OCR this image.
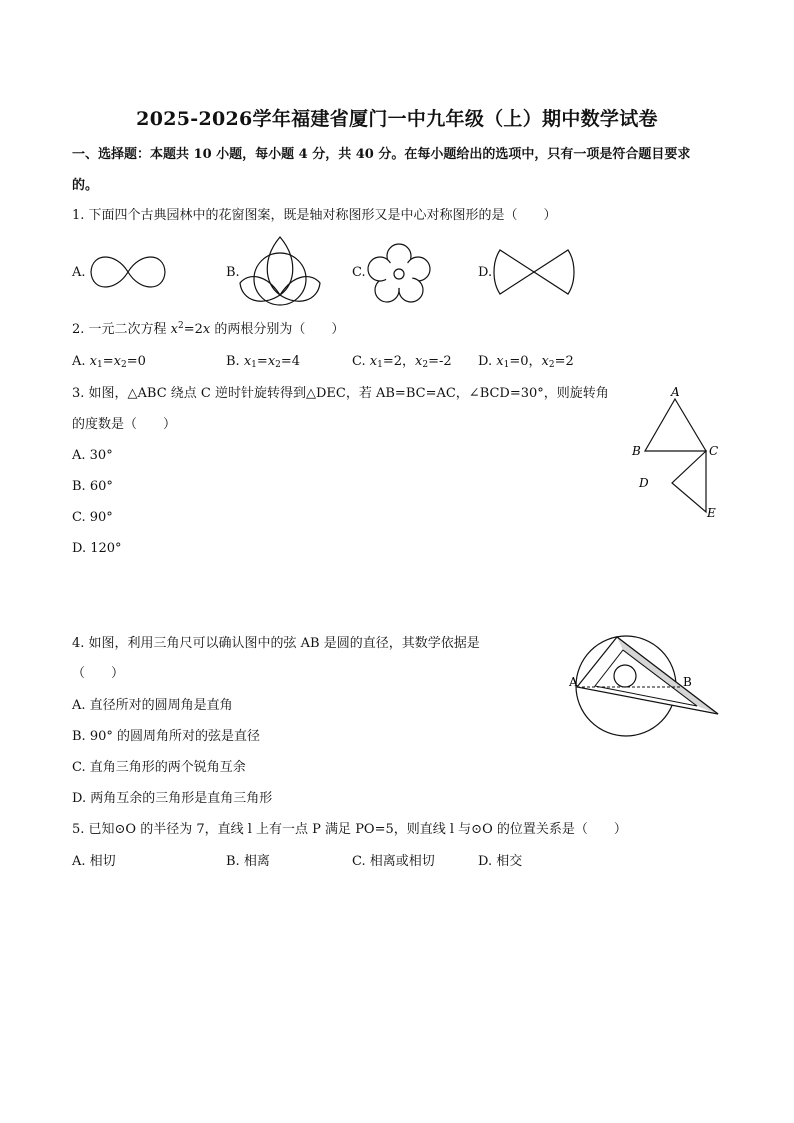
2025-2026学年福建省厦门一中九年级（上）期中数学试卷
一、选择题：本题共 10 小题，每小题 4 分，共 40 分。在每小题给出的选项中，只有一项是符合题目要求
的。
1. 下面四个古典园林中的花窗图案，既是轴对称图形又是中心对称图形的是（　　）
A.	B.	C.	D.
2. 一元二次方程 $x^2=2x$ 的两根分别为（　　）
A. $x_1=x_2=0$	B. $x_1=x_2=4$	C. $x_1=2$，$x_2=-2$ D. $x_1=0$，$x_2=2$
3. 如图，△ABC 绕点 C 逆时针旋转得到△DEC，若 AB=BC=AC，∠BCD=30°，则旋转角
的度数是（　　）
A. 30°
B. 60°
C. 90°
D. 120°
A
B	C
D
E
4. 如图，利用三角尺可以确认图中的弦 AB 是圆的直径，其数学依据是
（　　）
A. 直径所对的圆周角是直角
B. 90° 的圆周角所对的弦是直径
C. 直角三角形的两个锐角互余
D. 两角互余的三角形是直角三角形
A	B
5. 已知⊙O 的半径为 7，直线 l 上有一点 P 满足 PO=5，则直线 l 与⊙O 的位置关系是（　　）
A. 相切	B. 相离	C. 相离或相切	D. 相交
